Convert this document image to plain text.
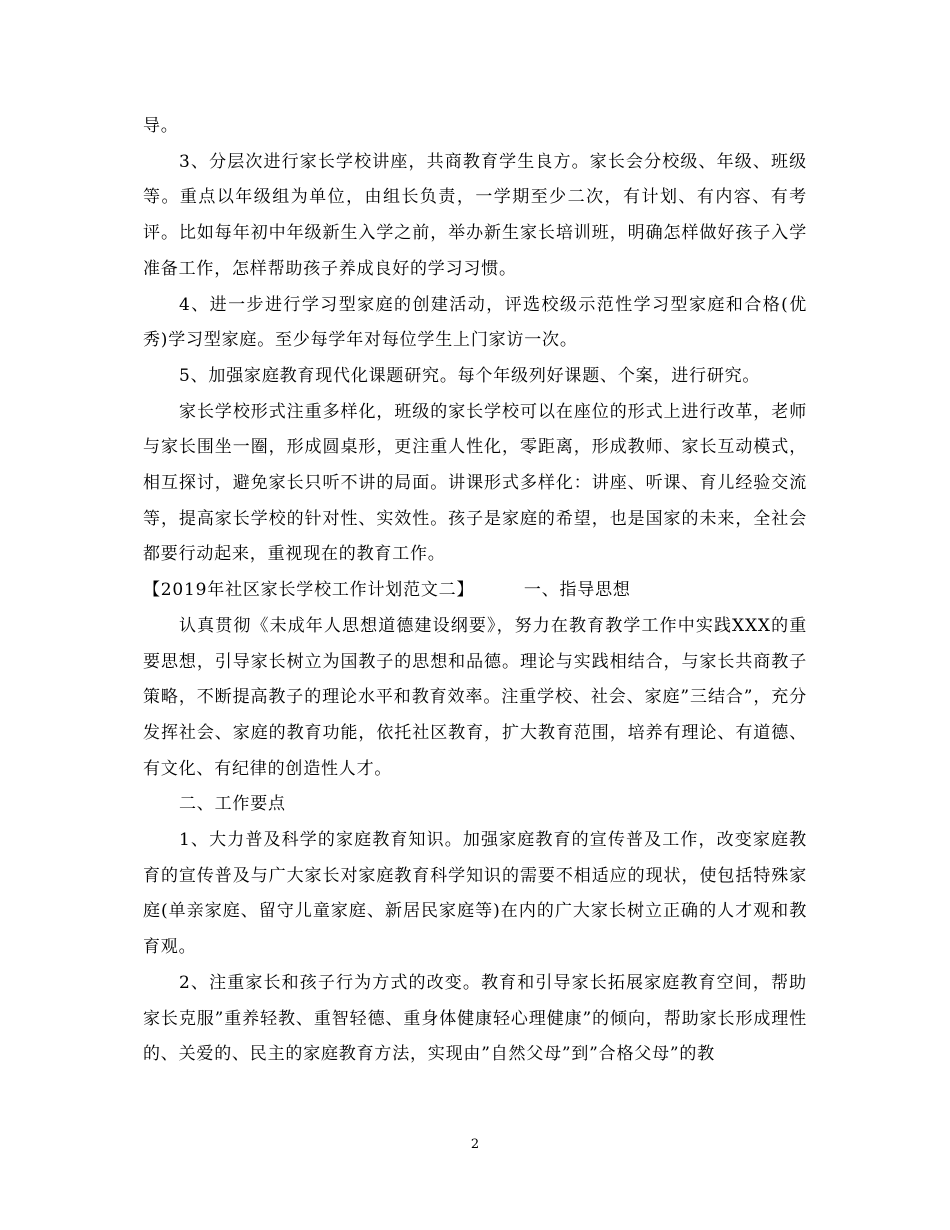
导。

3、分层次进行家长学校讲座，共商教育学生良方。家长会分校级、年级、班级等。重点以年级组为单位，由组长负责，一学期至少二次，有计划、有内容、有考评。比如每年初中年级新生入学之前，举办新生家长培训班，明确怎样做好孩子入学准备工作，怎样帮助孩子养成良好的学习习惯。

4、进一步进行学习型家庭的创建活动，评选校级示范性学习型家庭和合格(优秀)学习型家庭。至少每学年对每位学生上门家访一次。

5、加强家庭教育现代化课题研究。每个年级列好课题、个案，进行研究。

家长学校形式注重多样化，班级的家长学校可以在座位的形式上进行改革，老师与家长围坐一圈，形成圆桌形，更注重人性化，零距离，形成教师、家长互动模式，相互探讨，避免家长只听不讲的局面。讲课形式多样化：讲座、听课、育儿经验交流等，提高家长学校的针对性、实效性。孩子是家庭的希望，也是国家的未来，全社会都要行动起来，重视现在的教育工作。

【2019年社区家长学校工作计划范文二】        一、指导思想

认真贯彻《未成年人思想道德建设纲要》，努力在教育教学工作中实践XXX的重要思想，引导家长树立为国教子的思想和品德。理论与实践相结合，与家长共商教子策略，不断提高教子的理论水平和教育效率。注重学校、社会、家庭”三结合”，充分发挥社会、家庭的教育功能，依托社区教育，扩大教育范围，培养有理论、有道德、有文化、有纪律的创造性人才。

二、工作要点

1、大力普及科学的家庭教育知识。加强家庭教育的宣传普及工作，改变家庭教育的宣传普及与广大家长对家庭教育科学知识的需要不相适应的现状，使包括特殊家庭(单亲家庭、留守儿童家庭、新居民家庭等)在内的广大家长树立正确的人才观和教育观。

2、注重家长和孩子行为方式的改变。教育和引导家长拓展家庭教育空间，帮助家长克服”重养轻教、重智轻德、重身体健康轻心理健康”的倾向，帮助家长形成理性的、关爱的、民主的家庭教育方法，实现由”自然父母”到”合格父母”的教

2
